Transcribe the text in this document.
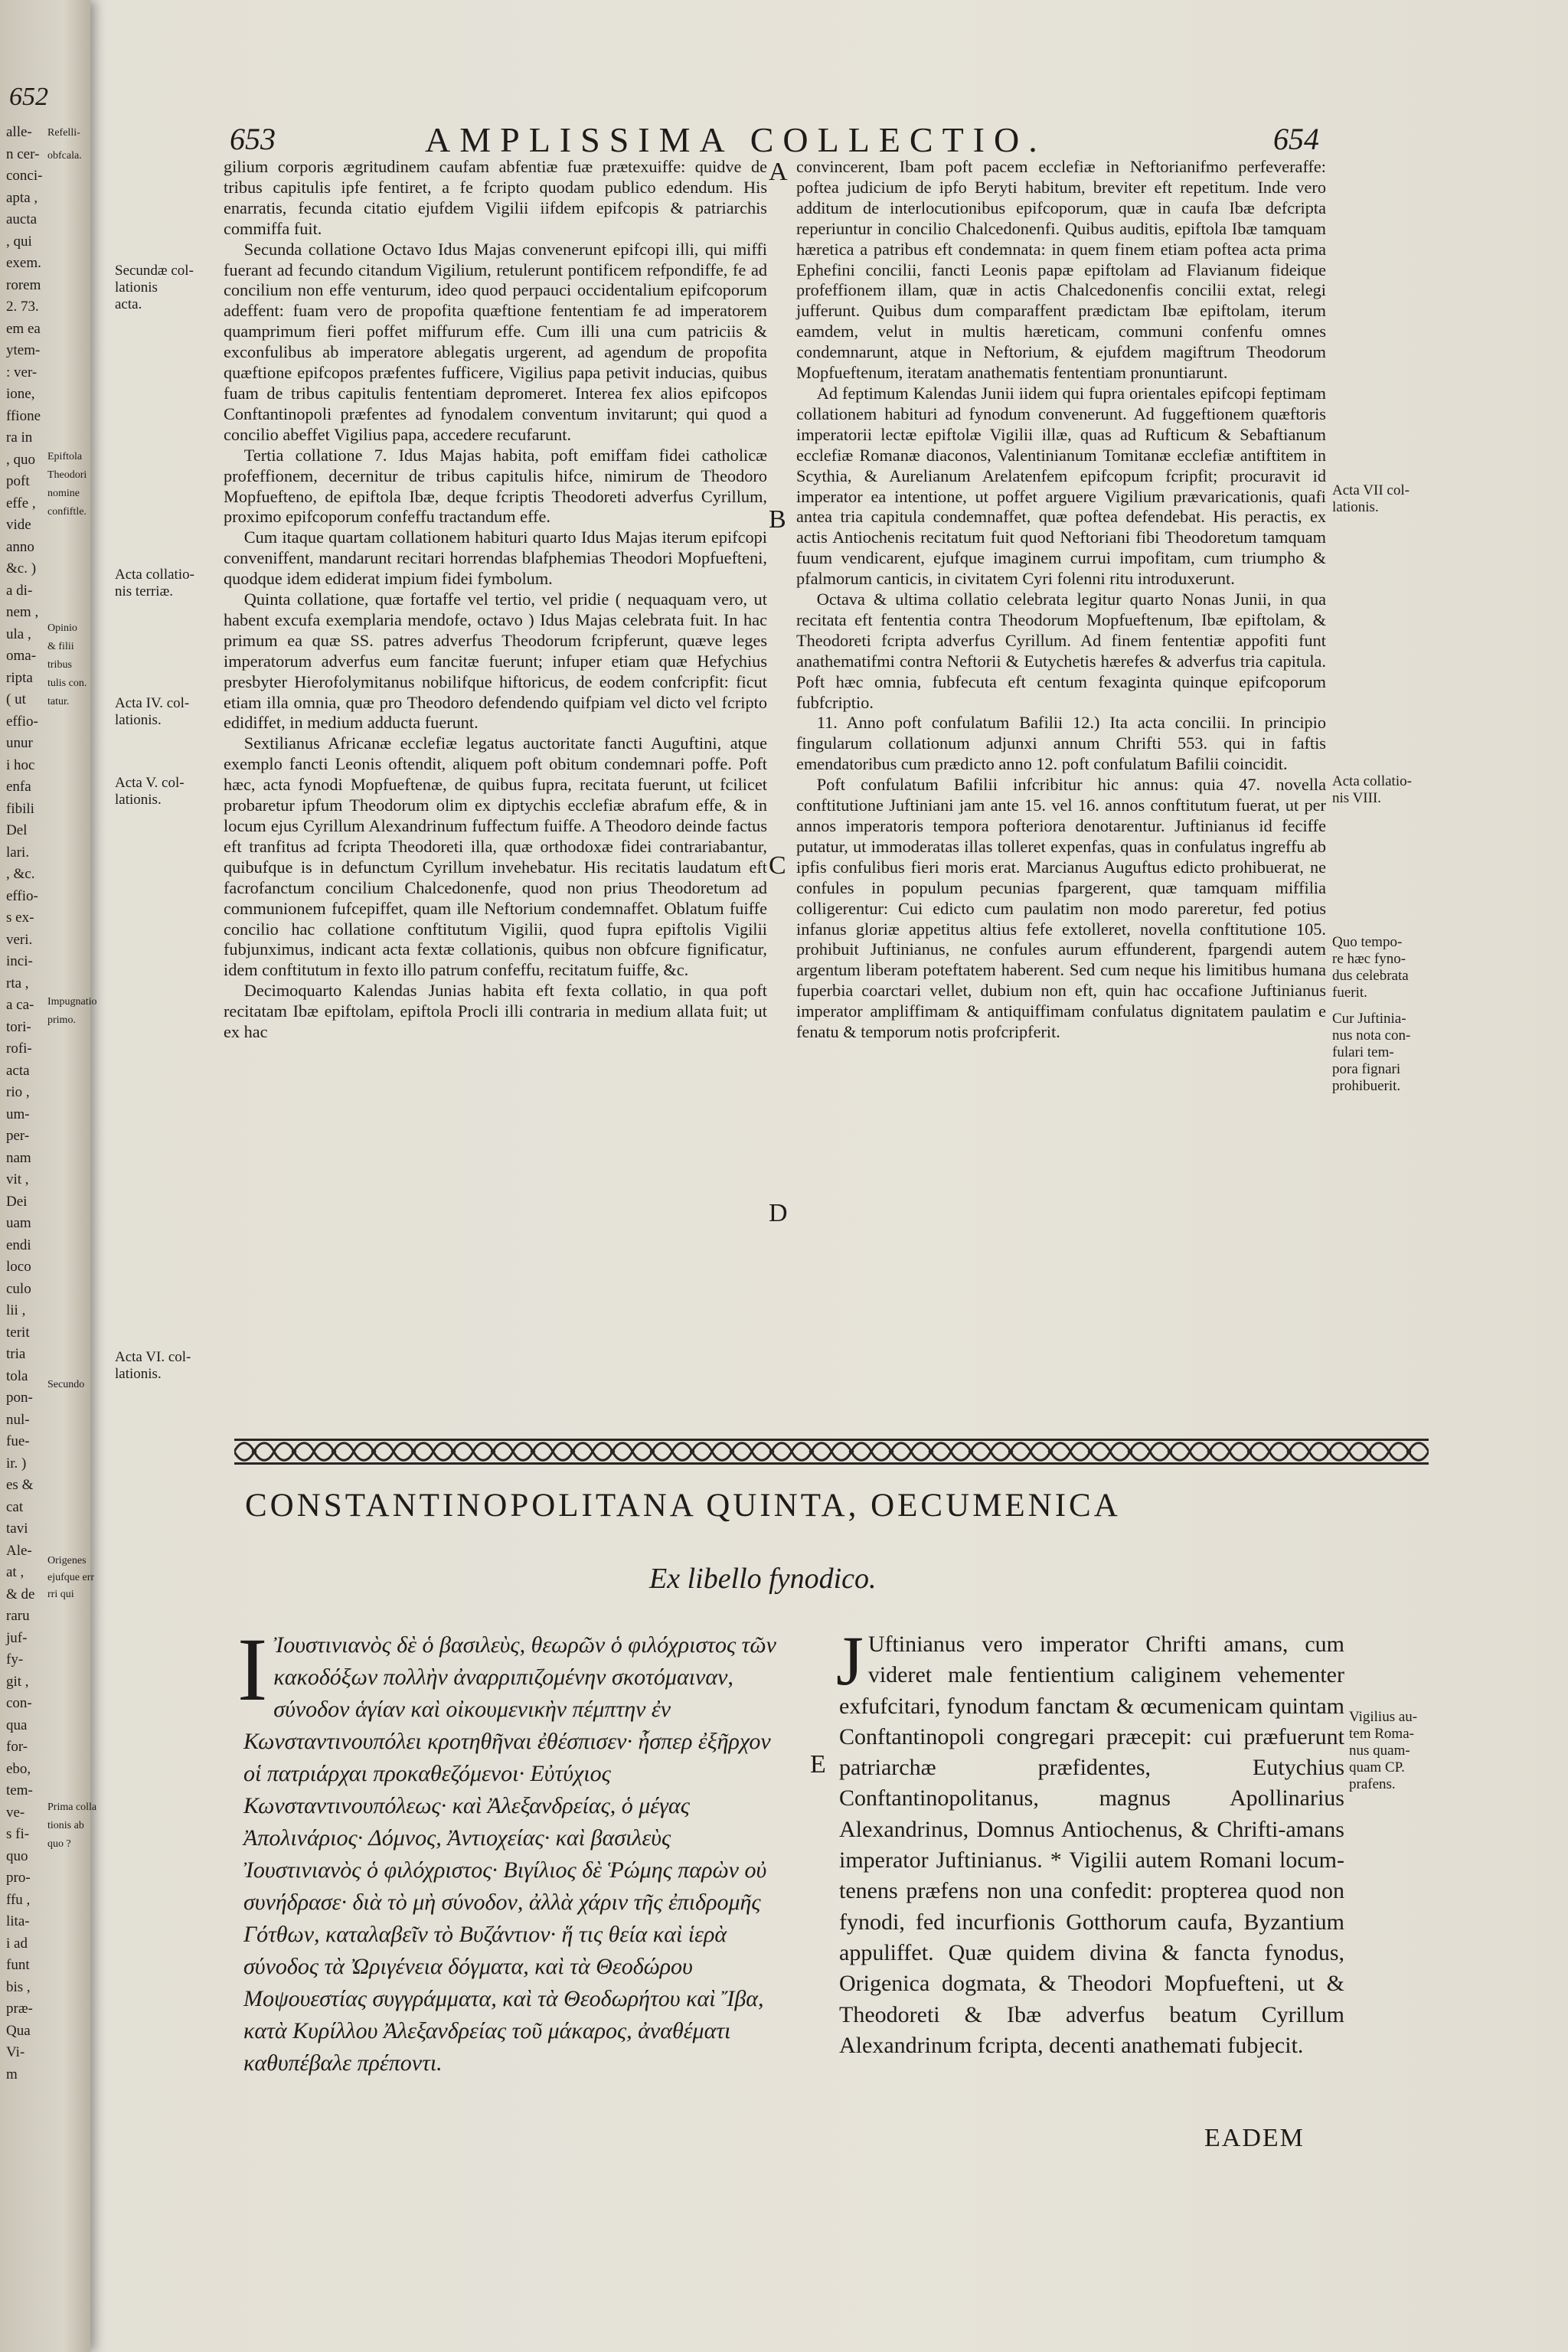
652
alle-
n cer-
conci-
apta ,
aucta
, qui
exem.
rorem
2. 73.
em ea
ytem-
: ver-
ione,
ffione
ra in
, quo
poft
effe ,
vide
anno
&c. )
a di-
nem ,
ula ,
oma-
ripta
( ut
effio-
unur
i hoc
enfa
fibili
Del
lari.
, &c.
effio-
s ex-
veri.
inci-
rta ,
a ca-
tori-
rofi-
acta
rio ,
um-
per-
nam
vit ,
Dei
uam
endi
loco
culo
lii ,
terit
tria
tola
pon-
nul-
fue-
ir. )
es &
cat
tavi
Ale-
at ,
& de
raru
juf-
fy-
git ,
con-
qua
for-
ebo,
tem-
ve-
s fi-
quo
pro-
ffu ,
lita-
i ad
funt
bis ,
præ-
Qua
Vi-
m
Refelli-
obfcala.
Epiftola
Theodori
nomine
confiftle.
Opinio
& filii
tribus
tulis con.
tatur.
Impugnatio
primo.
Secundo
Origenes
ejufque err
rri qui
Prima colla
tionis ab
quo ?
653	AMPLISSIMA COLLECTIO.	654

gilium corporis ægritudinem caufam abfentiæ fuæ prætexuiffe: quidve de tribus capitulis ipfe fentiret, a fe fcripto quodam publico edendum. His enarratis, fecunda citatio ejufdem Vigilii iifdem epifcopis & patriarchis commiffa fuit.

Secunda collatione Octavo Idus Majas convenerunt epifcopi illi, qui miffi fuerant ad fecundo citandum Vigilium, retulerunt pontificem refpondiffe, fe ad concilium non effe venturum, ideo quod perpauci occidentalium epifcoporum adeffent: fuam vero de propofita quæftione fententiam fe ad imperatorem quamprimum fieri poffet miffurum effe. Cum illi una cum patriciis & exconfulibus ab imperatore ablegatis urgerent, ad agendum de propofita quæftione epifcopos præfentes fufficere, Vigilius papa petivit inducias, quibus fuam de tribus capitulis fententiam depromeret. Interea fex alios epifcopos Conftantinopoli præfentes ad fynodalem conventum invitarunt; qui quod a concilio abeffet Vigilius papa, accedere recufarunt.

Tertia collatione 7. Idus Majas habita, poft emiffam fidei catholicæ profeffionem, decernitur de tribus capitulis hifce, nimirum de Theodoro Mopfueftenο, de epiftola Ibæ, deque fcriptis Theodoreti adverfus Cyrillum, proximo epifcoporum confeffu tractandum effe.

Cum itaque quartam collationem habituri quarto Idus Majas iterum epifcopi conveniffent, mandarunt recitari horrendas blafphemias Theodori Mopfuefteni, quodque idem ediderat impium fidei fymbolum.

Quinta collatione, quæ fortaffe vel tertio, vel pridie ( nequaquam vero, ut habent excufa exemplaria mendofe, octavo ) Idus Majas celebrata fuit. In hac primum ea quæ SS. patres adverfus Theodorum fcripferunt, quæve leges imperatorum adverfus eum fancitæ fuerunt; infuper etiam quæ Hefychius presbyter Hierofolymitanus nobilifque hiftoricus, de eodem confcripfit: ficut etiam illa omnia, quæ pro Theodoro defendendo quifpiam vel dicto vel fcripto edidiffet, in medium adducta fuerunt.

Sextilianus Africanæ ecclefiæ legatus auctoritate fancti Auguftini, atque exemplo fancti Leonis oftendit, aliquem poft obitum condemnari poffe. Poft hæc, acta fynodi Mopfueftenæ, de quibus fupra, recitata fuerunt, ut fcilicet probaretur ipfum Theodorum olim ex diptychis ecclefiæ abrafum effe, & in locum ejus Cyrillum Alexandrinum fuffectum fuiffe. A Theodoro deinde factus eft tranfitus ad fcripta Theodoreti illa, quæ orthodoxæ fidei contrariabantur, quibufque is in defunctum Cyrillum invehebatur. His recitatis laudatum eft facrofanctum concilium Chalcedonenfe, quod non prius Theodoretum ad communionem fufcepiffet, quam ille Neftorium condemnaffet. Oblatum fuiffe concilio hac collatione conftitutum Vigilii, quod fupra epiftolis Vigilii fubjunximus, indicant acta fextæ collationis, quibus non obfcure fignificatur, idem conftitutum in fexto illo patrum confeffu, recitatum fuiffe, &c.

Decimoquarto Kalendas Junias habita eft fexta collatio, in qua poft recitatam Ibæ epiftolam, epiftola Procli illi contraria in medium allata fuit; ut ex hac

convincerent, Ibam poft pacem ecclefiæ in Neftorianifmo perfeveraffe: poftea judicium de ipfo Beryti habitum, breviter eft repetitum. Inde vero additum de interlocutionibus epifcoporum, quæ in caufa Ibæ defcripta reperiuntur in concilio Chalcedonenfi. Quibus auditis, epiftola Ibæ tamquam hæretica a patribus eft condemnata: in quem finem etiam poftea acta prima Ephefini concilii, fancti Leonis papæ epiftolam ad Flavianum fideique profeffionem illam, quæ in actis Chalcedonenfis concilii extat, relegi jufferunt. Quibus dum comparaffent prædictam Ibæ epiftolam, iterum eamdem, velut in multis hæreticam, communi confenfu omnes condemnarunt, atque in Neftorium, & ejufdem magiftrum Theodorum Mopfueftenum, iteratam anathematis fententiam pronuntiarunt.

Ad feptimum Kalendas Junii iidem qui fupra orientales epifcopi feptimam collationem habituri ad fynodum convenerunt. Ad fuggeftionem quæftoris imperatorii lectæ epiftolæ Vigilii illæ, quas ad Rufticum & Sebaftianum ecclefiæ Romanæ diaconos, Valentinianum Tomitanæ ecclefiæ antiftitem in Scythia, & Aurelianum Arelatenfem epifcopum fcripfit; procuravit id imperator ea intentione, ut poffet arguere Vigilium prævaricationis, quafi antea tria capitula condemnaffet, quæ poftea defendebat. His peractis, ex actis Antiochenis recitatum fuit quod Neftoriani fibi Theodoretum tamquam fuum vendicarent, ejufque imaginem currui impofitam, cum triumpho & pfalmorum canticis, in civitatem Cyri folenni ritu introduxerunt.

Octava & ultima collatio celebrata legitur quarto Nonas Junii, in qua recitata eft fententia contra Theodorum Mopfueftenum, Ibæ epiftolam, & Theodoreti fcripta adverfus Cyrillum. Ad finem fententiæ appofiti funt anathematifmi contra Neftorii & Eutychetis hærefes & adverfus tria capitula. Poft hæc omnia, fubfecuta eft centum fexaginta quinque epifcoporum fubfcriptio.

11. Anno poft confulatum Bafilii 12.) Ita acta concilii. In principio fingularum collationum adjunxi annum Chrifti 553. qui in faftis emendatoribus cum prædicto anno 12. poft confulatum Bafilii coincidit.

Poft confulatum Bafilii infcribitur hic annus: quia 47. novella conftitutione Juftiniani jam ante 15. vel 16. annos conftitutum fuerat, ut per annos imperatoris tempora pofteriora denotarentur. Juftinianus id feciffe putatur, ut immoderatas illas tolleret expenfas, quas in confulatus ingreffu ab ipfis confulibus fieri moris erat. Marcianus Auguftus edicto prohibuerat, ne confules in populum pecunias fpargerent, quæ tamquam miffilia colligerentur: Cui edicto cum paulatim non modo pareretur, fed potius infanus gloriæ appetitus altius fefe extolleret, novella conftitutione 105. prohibuit Juftinianus, ne confules aurum effunderent, fpargendi autem argentum liberam poteftatem haberent. Sed cum neque his limitibus humana fuperbia coarctari vellet, dubium non eft, quin hac occafione Juftinianus imperator ampliffimam & antiquiffimam confulatus dignitatem paulatim e fenatu & temporum notis profcripferit.

Secundæ col-
lationis
acta.
Acta collatio-
nis terriæ.
Acta IV. col-
lationis.
Acta V. col-
lationis.
Acta VI. col-
lationis.
Acta VII col-
lationis.
Acta collatio-
nis VIII.
Quo tempo-
re hæc fyno-
dus celebrata
fuerit.
Cur Juftinia-
nus nota con-
fulari tem-
pora fignari
prohibuerit.
Vigilius au-
tem Roma-
nus quam-
quam CP.
prafens.
A
B
C
D
E
CONSTANTINOPOLITANA QUINTA, OECUMENICA
Ex libello fynodico.
I Ἰουστινιανὸς δὲ ὁ βασιλεὺς, θεωρῶν ὁ φιλόχριστος τῶν κακοδόξων πολλὴν ἀναρριπιζομένην σκοτόμαιναν, σύνοδον ἁγίαν καὶ οἰκουμενικὴν πέμπτην ἐν Κωνσταντινουπόλει κροτηθῆναι ἐθέσπισεν· ἧσπερ ἐξῆρχον οἱ πατριάρχαι προκαθεζόμενοι· Εὐτύχιος Κωνσταντινουπόλεως· καὶ Ἀλεξανδρείας, ὁ μέγας Ἀπολινάριος· Δόμνος, Ἀντιοχείας· καὶ βασιλεὺς Ἰουστινιανὸς ὁ φιλόχριστος· Βιγίλιος δὲ Ῥώμης παρὼν οὐ συνήδρασε· διὰ τὸ μὴ σύνοδον, ἀλλὰ χάριν τῆς ἐπιδρομῆς Γότθων, καταλαβεῖν τὸ Βυζάντιον· ἥ τις θεία καὶ ἱερὰ σύνοδος τὰ Ὠριγένεια δόγματα, καὶ τὰ Θεοδώρου Μοψουεστίας συγγράμματα, καὶ τὰ Θεοδωρήτου καὶ Ἴβα, κατὰ Κυρίλλου Ἀλεξανδρείας τοῦ μάκαρος, ἀναθέματι καθυπέβαλε πρέποντι.

J Uftinianus vero imperator Chrifti amans, cum videret male fentientium caliginem vehementer exfufcitari, fynodum fanctam & œcumenicam quintam Conftantinopoli congregari præcepit: cui præfuerunt patriarchæ præfidentes, Eutychius Conftantinopolitanus, magnus Apollinarius Alexandrinus, Domnus Antiochenus, & Chrifti-amans imperator Juftinianus. * Vigilii autem Romani locum-tenens præfens non una confedit: propterea quod non fynodi, fed incurfionis Gotthorum caufa, Byzantium appuliffet. Quæ quidem divina & fancta fynodus, Origenica dogmata, & Theodori Mopfuefteni, ut & Theodoreti & Ibæ adverfus beatum Cyrillum Alexandrinum fcripta, decenti anathemati fubjecit.

EADEM
